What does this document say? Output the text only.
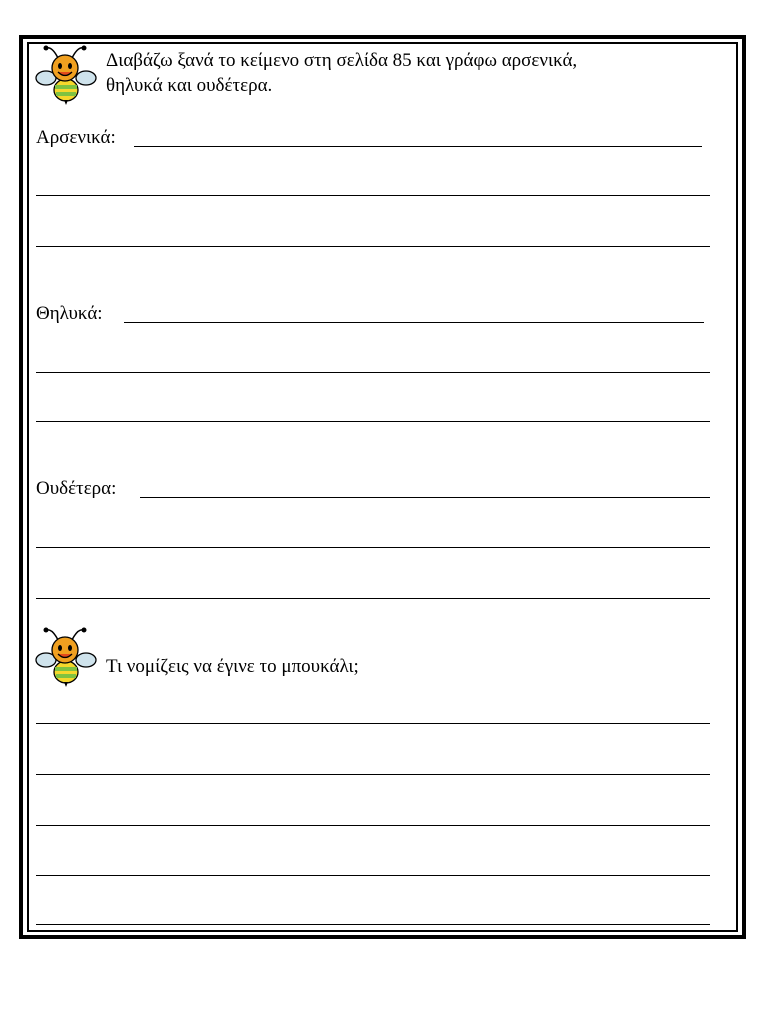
Διαβάζω ξανά το κείμενο στη σελίδα 85 και γράφω αρσενικά,
θηλυκά και ουδέτερα.
Αρσενικά:
Θηλυκά:
Ουδέτερα:
Τι νομίζεις να έγινε το μπουκάλι;
